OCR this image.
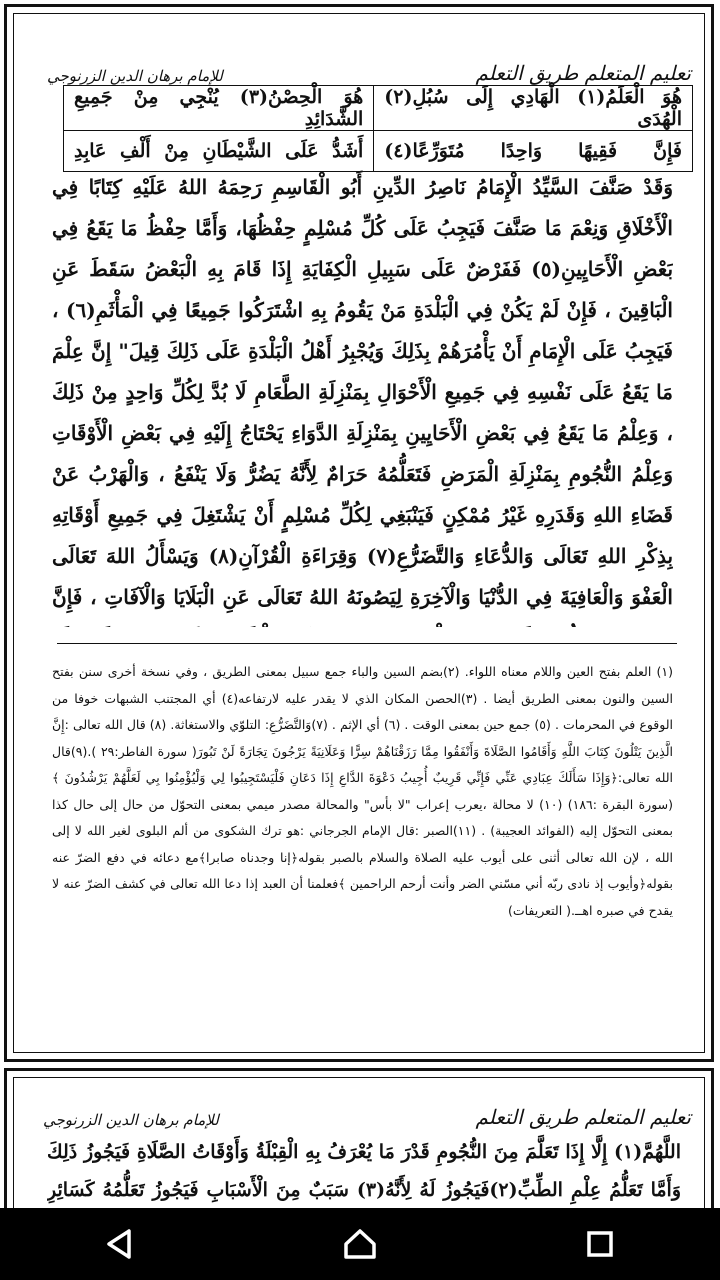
للإمام برهان الدين الزرنوجي	تعليم المتعلم طريق التعلم
هُوَ الْعَلَمُ(١) الْهَادِي إِلَى سُبُلِ(٢) الْهُدَى	هُوَ الْحِصْنُ(٣) يُنْجِي مِنْ جَمِيعِ الشَّدَائِدِ
فَإِنَّ فَقِيهًا وَاحِدًا مُتَوَرِّعًا(٤)	أَشَدُّ عَلَى الشَّيْطَانِ مِنْ أَلْفِ عَابِدِ
وَقَدْ صَنَّفَ السَّيِّدُ الْإِمَامُ نَاصِرُ الدِّينِ أَبُو الْقَاسِمِ رَحِمَهُ اللهُ عَلَيْهِ كِتَابًا فِي الْأَخْلَاقِ وَنِعْمَ مَا صَنَّفَ فَيَجِبُ عَلَى كُلِّ مُسْلِمٍ حِفْظُهَا، وَأَمَّا حِفْظُ مَا يَقَعُ فِي بَعْضِ الْأَحَايِينِ(٥) فَفَرْضٌ عَلَى سَبِيلِ الْكِفَايَةِ إِذَا قَامَ بِهِ الْبَعْضُ سَقَطَ عَنِ الْبَاقِينَ ، فَإِنْ لَمْ يَكُنْ فِي الْبَلْدَةِ مَنْ يَقُومُ بِهِ اشْتَرَكُوا جَمِيعًا فِي الْمَأْثَمِ(٦) ، فَيَجِبُ عَلَى الْإِمَامِ أَنْ يَأْمُرَهُمْ بِذَلِكَ وَيُجْبِرُ أَهْلُ الْبَلْدَةِ عَلَى ذَلِكَ قِيلَ" إِنَّ عِلْمَ مَا يَقَعُ عَلَى نَفْسِهِ فِي جَمِيعِ الْأَحْوَالِ بِمَنْزِلَةِ الطَّعَامِ لَا بُدَّ لِكُلِّ وَاحِدٍ مِنْ ذَلِكَ ، وَعِلْمُ مَا يَقَعُ فِي بَعْضِ الْأَحَايِينِ بِمَنْزِلَةِ الدَّوَاءِ يَحْتَاجُ إِلَيْهِ فِي بَعْضِ الْأَوْقَاتِ وَعِلْمُ النُّجُومِ بِمَنْزِلَةِ الْمَرَضِ فَتَعَلُّمُهُ حَرَامٌ لِأَنَّهُ يَضُرُّ وَلَا يَنْفَعُ ، وَالْهَرْبُ عَنْ قَضَاءِ اللهِ وَقَدَرِهِ غَيْرُ مُمْكِنٍ فَيَنْبَغِي لِكُلِّ مُسْلِمٍ أَنْ يَشْتَغِلَ فِي جَمِيعِ أَوْقَاتِهِ بِذِكْرِ اللهِ تَعَالَى وَالدُّعَاءِ وَالتَّضَرُّعِ(٧) وَقِرَاءَةِ الْقُرْآنِ(٨) وَيَسْأَلُ اللهَ تَعَالَى الْعَفْوَ وَالْعَافِيَةَ فِي الدُّنْيَا وَالْآخِرَةِ لِيَصُونَهُ اللهُ تَعَالَى عَنِ الْبَلَايَا وَالْآفَاتِ ، فَإِنَّ
(١) العلم بفتح العين واللام معناه اللواء. (٢)بضم السين والباء جمع سبيل بمعنى الطريق ، وفي نسخة أخرى سنن بفتح السين والنون بمعنى الطريق أيضا . (٣)الحصن المكان الذي لا يقدر عليه لارتفاعه(٤) أي المجتنب الشبهات خوفا من الوقوع في المحرمات . (٥) جمع حين بمعنى الوقت . (٦) أي الإثم . (٧)وَالتَّضَرُّعِ: التلوّي والاستغاثة. (٨) قال الله تعالى :إِنَّ الَّذِينَ يَتْلُونَ كِتَابَ اللَّهِ وَأَقَامُوا الصَّلَاةَ وَأَنْفَقُوا مِمَّا رَزَقْنَاهُمْ سِرًّا وَعَلَانِيَةً يَرْجُونَ تِجَارَةً لَنْ تَبُورَ( سورة الفاطر:٢٩ ).(٩)قال الله تعالى:﴿وَإِذَا سَأَلَكَ عِبَادِي عَنِّي فَإِنِّي قَرِيبٌ أُجِيبُ دَعْوَةَ الدَّاعِ إِذَا دَعَانِ فَلْيَسْتَجِيبُوا لِي وَلْيُؤْمِنُوا بِي لَعَلَّهُمْ يَرْشُدُونَ ﴾ (سورة البقرة :١٨٦) (١٠) لا محالة ،يعرب إعراب "لا بأس" والمحالة مصدر ميمي بمعنى التحوّل من حال إلى حال كذا بمعنى التحوّل إليه (الفوائد العجيبة) . (١١)الصبر :قال الإمام الجرجاني :هو ترك الشكوى من ألم البلوى لغير الله لا إلى الله ، لإن الله تعالى أثنى على أيوب عليه الصلاة والسلام بالصبر بقوله﴿إنا وجدناه صابرا﴾مع دعائه في دفع الضرّ عنه بقوله﴿وأيوب إذ نادى ربّه أني مسّني الضر وأنت أرحم الراحمين ﴾فعلمنا أن العبد إذا دعا الله تعالى في كشف الضرّ عنه لا يقدح في صبره اهــ.( التعريفات)
للإمام برهان الدين الزرنوجي	تعليم المتعلم طريق التعلم
اللَّهُمَّ(١) إِلَّا إِذَا تَعَلَّمَ مِنَ النُّجُومِ قَدْرَ مَا يُعْرَفُ بِهِ الْقِبْلَةُ وَأَوْقَاتُ الصَّلَاةِ فَيَجُوزُ ذَلِكَ وَأَمَّا تَعَلُّمُ عِلْمِ الطِّبِّ(٢)فَيَجُوزُ لَهُ لِأَنَّهُ(٣) سَبَبٌ مِنَ الْأَسْبَابِ فَيَجُوزُ تَعَلُّمُهُ كَسَائِرِ
